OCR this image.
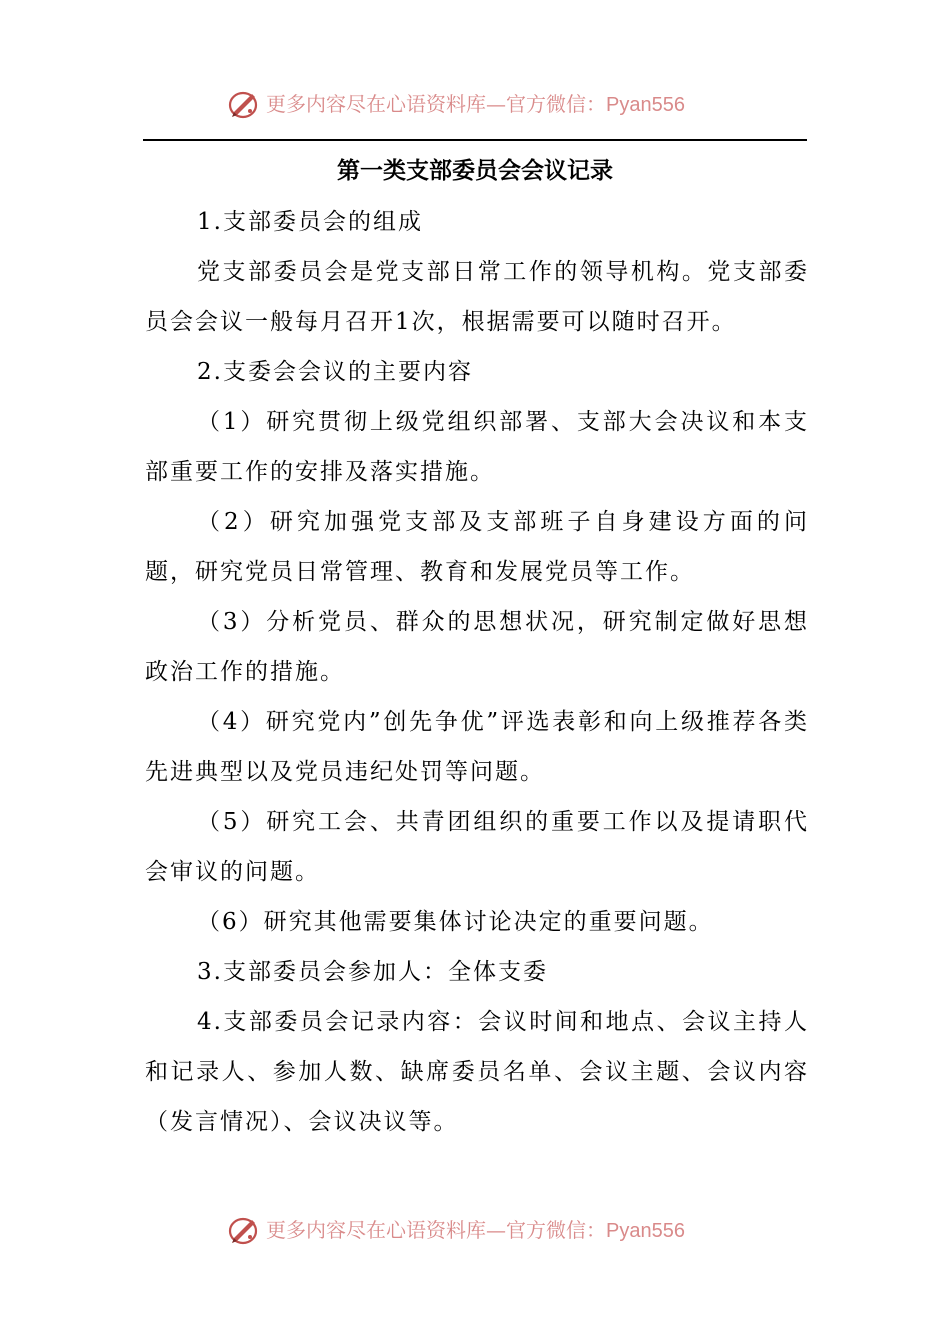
更多内容尽在心语资料库—官方微信：Pyan556
第一类支部委员会会议记录

1.支部委员会的组成

党支部委员会是党支部日常工作的领导机构。党支部委员会会议一般每月召开1次，根据需要可以随时召开。

2.支委会会议的主要内容

（1）研究贯彻上级党组织部署、支部大会决议和本支部重要工作的安排及落实措施。

（2）研究加强党支部及支部班子自身建设方面的问题，研究党员日常管理、教育和发展党员等工作。

（3）分析党员、群众的思想状况，研究制定做好思想政治工作的措施。

（4）研究党内”创先争优”评选表彰和向上级推荐各类先进典型以及党员违纪处罚等问题。

（5）研究工会、共青团组织的重要工作以及提请职代会审议的问题。

（6）研究其他需要集体讨论决定的重要问题。

3.支部委员会参加人：全体支委

4.支部委员会记录内容：会议时间和地点、会议主持人和记录人、参加人数、缺席委员名单、会议主题、会议内容（发言情况）、会议决议等。

更多内容尽在心语资料库—官方微信：Pyan556
